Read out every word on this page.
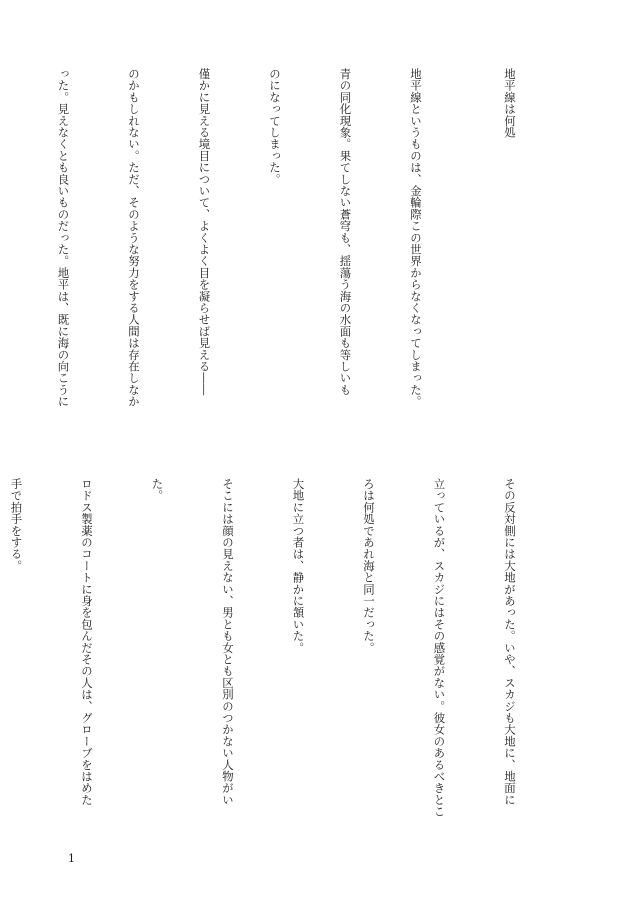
地平線は何処

地平線というものは、金輪際この世界からなくなってしまった。

青の同化現象。果てしない蒼穹も、揺蕩う海の水面も等しいも

のになってしまった。

僅かに見える境目について、よくよく目を凝らせば見える――

のかもしれない。ただ、そのような努力をする人間は存在しなか

った。見えなくとも良いものだった。地平は、既に海の向こうに

その反対側には大地があった。いや、スカジも大地に、地面に

立っているが、スカジにはその感覚がない。彼女のあるべきとこ

ろは何処であれ海と同一だった。

大地に立つ者は、静かに頷いた。

そこには顔の見えない、男とも女とも区別のつかない人物がい

た。

ロドス製薬のコートに身を包んだその人は、グローブをはめた

手で拍手をする。

1
